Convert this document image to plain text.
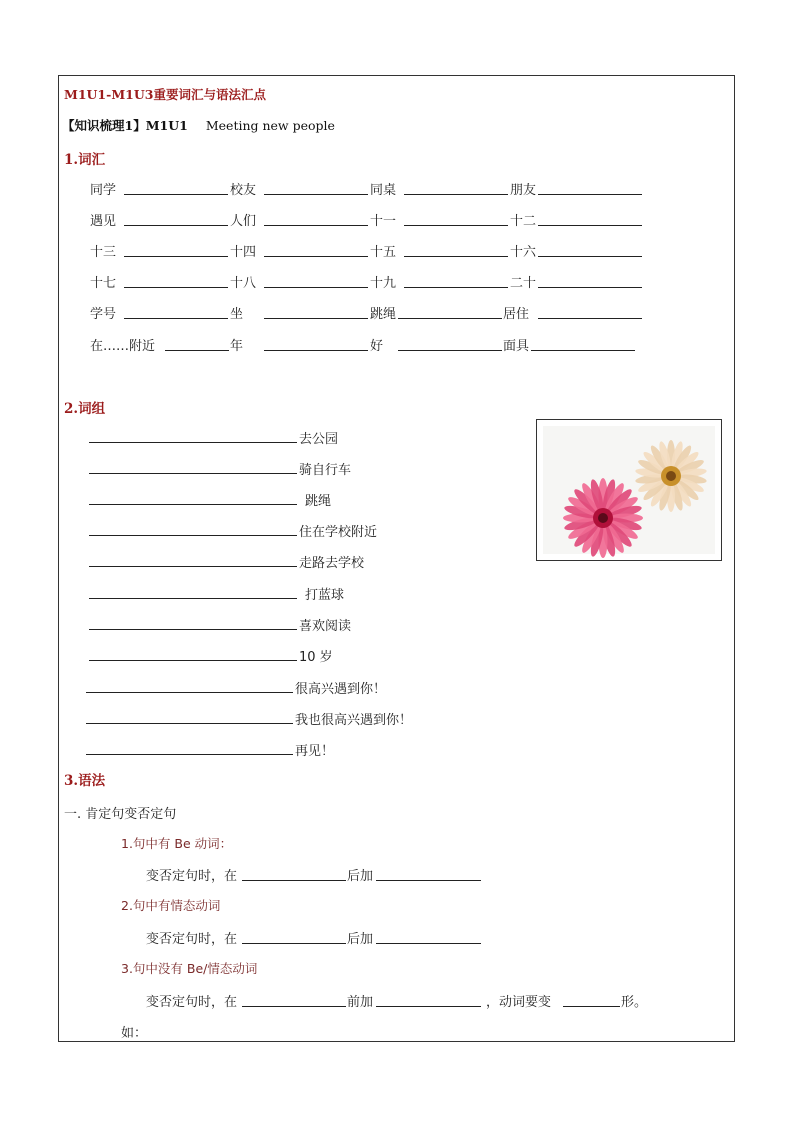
M1U1-M1U3重要词汇与语法汇点
【知识梳理1】M1U1 Meeting new people
1.词汇
同学	校友	同桌	朋友
遇见	人们	十一	十二
十三	十四	十五	十六
十七	十八	十九	二十
学号	坐	跳绳	居住
在……附近	年	好	面具
2.词组
去公园
骑自行车
跳绳
住在学校附近
走路去学校
打蓝球
喜欢阅读
10 岁
很高兴遇到你！
我也很高兴遇到你！
再见！
3.语法
一. 肯定句变否定句
1.句中有 Be 动词：
变否定句时，在	后加
2.句中有情态动词
变否定句时，在	后加
3.句中没有 Be/情态动词
变否定句时，在	前加	，动词要变	形。
如：
